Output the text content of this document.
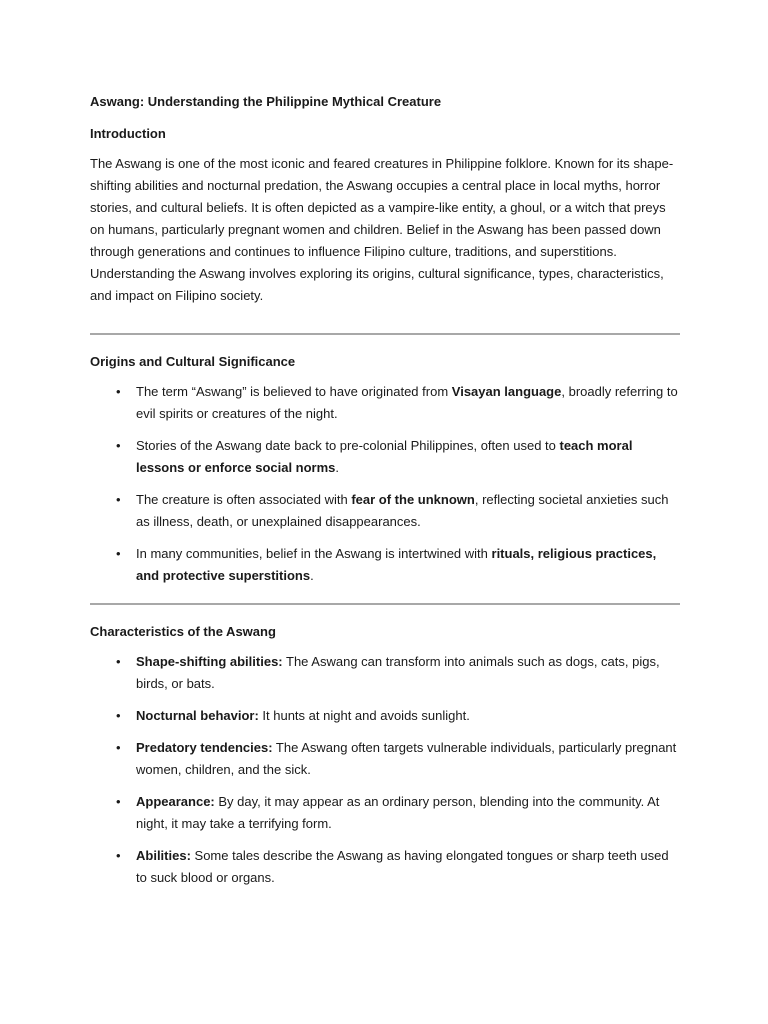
Aswang: Understanding the Philippine Mythical Creature

Introduction

The Aswang is one of the most iconic and feared creatures in Philippine folklore. Known for its shape-shifting abilities and nocturnal predation, the Aswang occupies a central place in local myths, horror stories, and cultural beliefs. It is often depicted as a vampire-like entity, a ghoul, or a witch that preys on humans, particularly pregnant women and children. Belief in the Aswang has been passed down through generations and continues to influence Filipino culture, traditions, and superstitions. Understanding the Aswang involves exploring its origins, cultural significance, types, characteristics, and impact on Filipino society.

Origins and Cultural Significance

• The term “Aswang” is believed to have originated from Visayan language, broadly referring to evil spirits or creatures of the night.
• Stories of the Aswang date back to pre-colonial Philippines, often used to teach moral lessons or enforce social norms.
• The creature is often associated with fear of the unknown, reflecting societal anxieties such as illness, death, or unexplained disappearances.
• In many communities, belief in the Aswang is intertwined with rituals, religious practices, and protective superstitions.

Characteristics of the Aswang

• Shape-shifting abilities: The Aswang can transform into animals such as dogs, cats, pigs, birds, or bats.
• Nocturnal behavior: It hunts at night and avoids sunlight.
• Predatory tendencies: The Aswang often targets vulnerable individuals, particularly pregnant women, children, and the sick.
• Appearance: By day, it may appear as an ordinary person, blending into the community. At night, it may take a terrifying form.
• Abilities: Some tales describe the Aswang as having elongated tongues or sharp teeth used to suck blood or organs.
